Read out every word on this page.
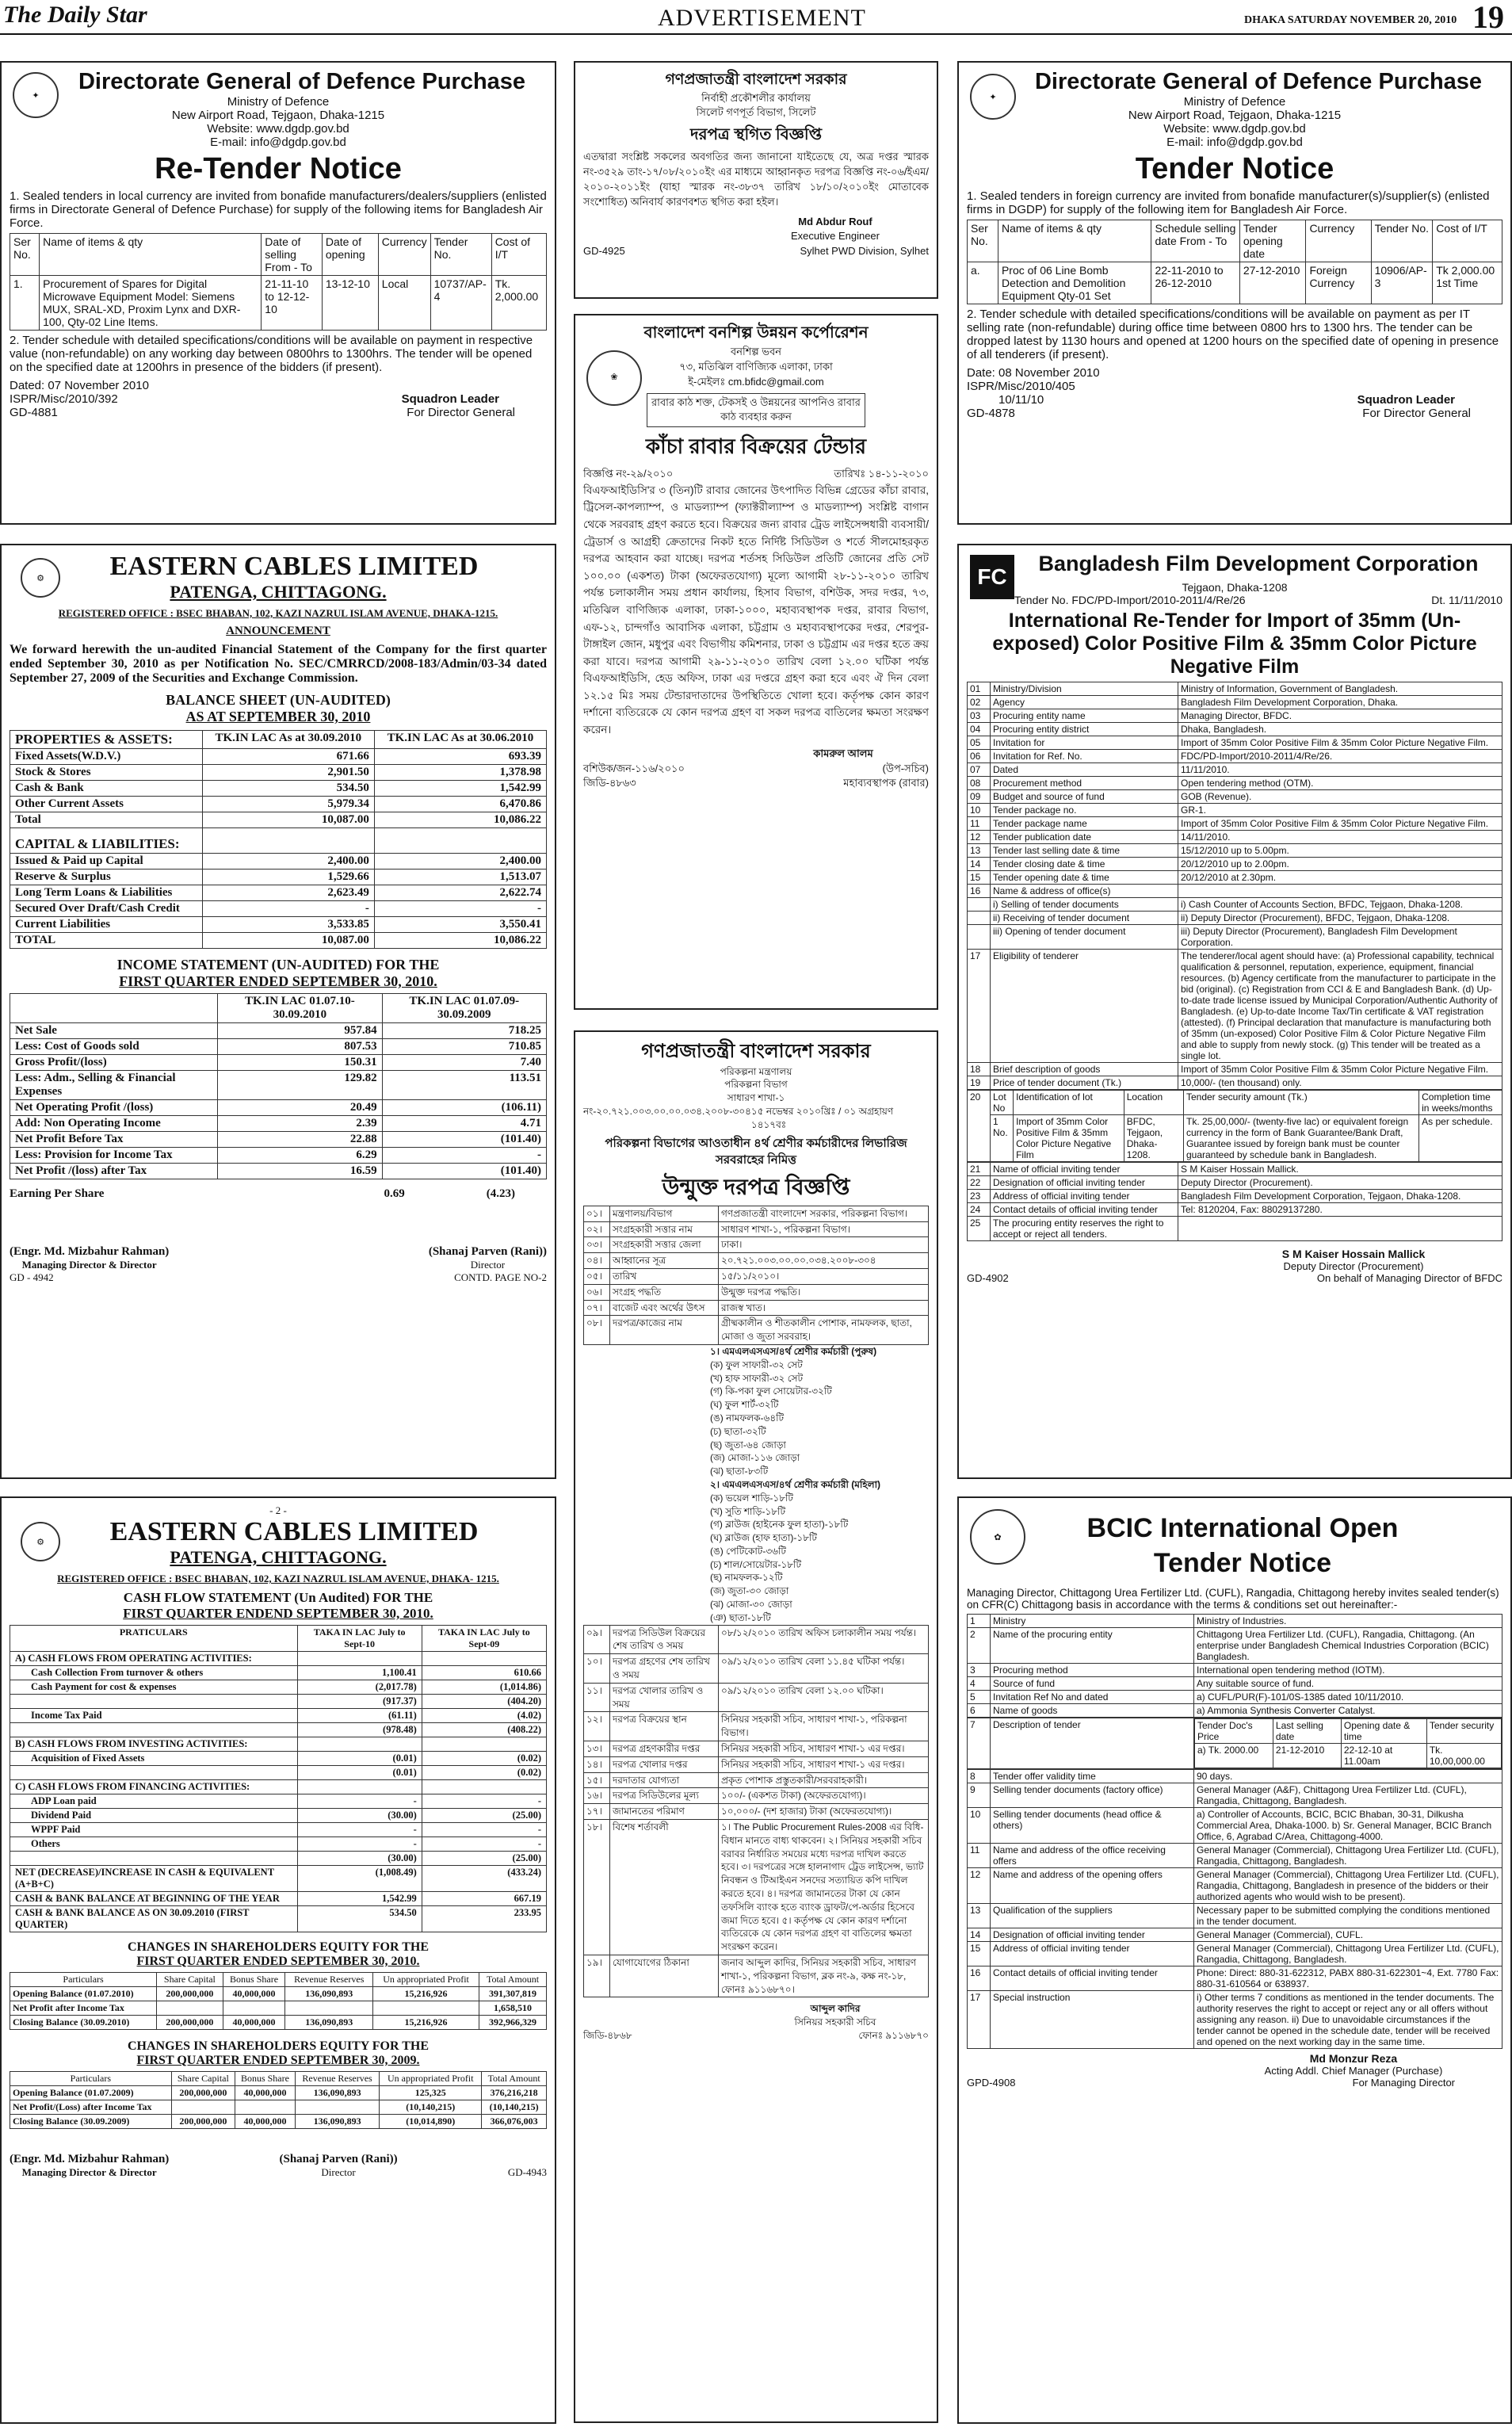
The Daily Star	ADVERTISEMENT	DHAKA SATURDAY NOVEMBER 20, 2010 19
✦
Directorate General of Defence Purchase
Ministry of Defence
New Airport Road, Tejgaon, Dhaka-1215
Website: www.dgdp.gov.bd
E-mail: info@dgdp.gov.bd
Re-Tender Notice
1. Sealed tenders in local currency are invited from bonafide manufacturers/dealers/suppliers (enlisted firms in Directorate General of Defence Purchase) for supply of the following items for Bangladesh Air Force.
Ser No.	Name of items & qty	Date of selling From - To	Date of opening	Currency	Tender No.	Cost of I/T
1.	Procurement of Spares for Digital Microwave Equipment Model: Siemens MUX, SRAL-XD, Proxim Lynx and DXR-100, Qty-02 Line Items.	21-11-10 to 12-12-10	13-12-10	Local	10737/AP-4	Tk. 2,000.00
2. Tender schedule with detailed specifications/conditions will be available on payment in respective value (non-refundable) on any working day between 0800hrs to 1300hrs. The tender will be opened on the specified date at 1200hrs in presence of the bidders (if present).
Dated: 07 November 2010
ISPR/Misc/2010/392	Squadron Leader
GD-4881	For Director General
গণপ্রজাতন্ত্রী বাংলাদেশ সরকার
নির্বাহী প্রকৌশলীর কার্যালয়
সিলেট গণপূর্ত বিভাগ, সিলেট
দরপত্র স্থগিত বিজ্ঞপ্তি
এতদ্বারা সংশ্লিষ্ট সকলের অবগতির জন্য জানানো যাইতেছে যে, অত্র দপ্তর স্মারক নং-৩৫২৯ তাং-১৭/০৮/২০১০ইং এর মাধ্যমে আহ্বানকৃত দরপত্র বিজ্ঞপ্তি নং-০৬/ইএম/২০১০-২০১১ইং (যাহা স্মারক নং-৩৮৩৭ তারিখ ১৮/১০/২০১০ইং মোতাবেক সংশোধিত) অনিবার্য কারণবশত স্থগিত করা হইল।
Md Abdur Rouf
Executive Engineer
GD-4925	Sylhet PWD Division, Sylhet
বাংলাদেশ বনশিল্প উন্নয়ন কর্পোরেশন
❀
বনশিল্প ভবন
৭৩, মতিঝিল বাণিজ্যিক এলাকা, ঢাকা
ই-মেইলঃ cm.bfidc@gmail.com
রাবার কাঠ শক্ত, টেকসই ও উন্নয়নের আপনিও রাবার কাঠ ব্যবহার করুন
কাঁচা রাবার বিক্রয়ের টেন্ডার
বিজ্ঞপ্তি নং-২৯/২০১০	তারিখঃ ১৪-১১-২০১০
বিএফআইডিসি'র ৩ (তিন)টি রাবার জোনের উৎপাদিত বিভিন্ন গ্রেডের কাঁচা রাবার, ট্রিসেল-কাপল্যাম্প, ও মাডল্যাম্প (ফ্যাক্টরীল্যাম্প ও মাডল্যাম্প) সংশ্লিষ্ট বাগান থেকে সরবরাহ গ্রহণ করতে হবে। বিক্রয়ের জন্য রাবার ট্রেড লাইসেন্সধারী ব্যবসায়ী/ট্রেডার্স ও আগ্রহী ক্রেতাদের নিকট হতে নির্দিষ্ট সিডিউল ও শর্তে সীলমোহরকৃত দরপত্র আহবান করা যাচ্ছে। দরপত্র শর্তসহ সিডিউল প্রতিটি জোনের প্রতি সেট ১০০.০০ (একশত) টাকা (অফেরতযোগ্য) মূল্যে আগামী ২৮-১১-২০১০ তারিখ পর্যন্ত চলাকালীন সময় প্রধান কার্যালয়, হিসাব বিভাগ, বশিউক, সদর দপ্তর, ৭৩, মতিঝিল বাণিজ্যিক এলাকা, ঢাকা-১০০০, মহাব্যবস্থাপক দপ্তর, রাবার বিভাগ, এফ-১২, চান্দগাঁও আবাসিক এলাকা, চট্টগ্রাম ও মহাব্যবস্থাপকের দপ্তর, শেরপুর-টাঙ্গাইল জোন, মধুপুর এবং বিভাগীয় কমিশনার, ঢাকা ও চট্টগ্রাম এর দপ্তর হতে ক্রয় করা যাবে। দরপত্র আগামী ২৯-১১-২০১০ তারিখ বেলা ১২.০০ ঘটিকা পর্যন্ত বিএফআইডিসি, হেড অফিস, ঢাকা এর দপ্তরে গ্রহণ করা হবে এবং ঐ দিন বেলা ১২.১৫ মিঃ সময় টেন্ডারদাতাদের উপস্থিতিতে খোলা হবে। কর্তৃপক্ষ কোন কারণ দর্শানো ব্যতিরেকে যে কোন দরপত্র গ্রহণ বা সকল দরপত্র বাতিলের ক্ষমতা সংরক্ষণ করেন।
কামরুল আলম
বশিউক/জন-১১৬/২০১০	(উপ-সচিব)
জিডি-৪৮৬৩	মহাব্যবস্থাপক (রাবার)
গণপ্রজাতন্ত্রী বাংলাদেশ সরকার
পরিকল্পনা মন্ত্রণালয়
পরিকল্পনা বিভাগ
সাধারণ শাখা-১
নং-২০.৭২১.০০৩.০০.০০.০৩৪.২০০৮-৩০৪ ১৫ নভেম্বর ২০১০খ্রিঃ / ০১ অগ্রহায়ণ ১৪১৭বঃ
পরিকল্পনা বিভাগের আওতাধীন ৪র্থ শ্রেণীর কর্মচারীদের লিভারিজ সরবরাহের নিমিত্ত
উন্মুক্ত দরপত্র বিজ্ঞপ্তি
০১।	মন্ত্রণালয়/বিভাগ	গণপ্রজাতন্ত্রী বাংলাদেশ সরকার, পরিকল্পনা বিভাগ।
০২।	সংগ্রহকারী সত্তার নাম	সাধারণ শাখা-১, পরিকল্পনা বিভাগ।
০৩।	সংগ্রহকারী সত্তার জেলা	ঢাকা।
০৪।	আহ্বানের সূত্র	২০.৭২১.০০৩.০০.০০.০৩৪.২০০৮-৩০৪
০৫।	তারিখ	১৫/১১/২০১০।
০৬।	সংগ্রহ পদ্ধতি	উন্মুক্ত দরপত্র পদ্ধতি।
০৭।	বাজেট এবং অর্থের উৎস	রাজস্ব খাত।
০৮।	দরপত্র/কাজের নাম	গ্রীষ্মকালীন ও শীতকালীন পোশাক, নামফলক, ছাতা, মোজা ও জুতা সরবরাহ।
১। এমএলএসএস/৪র্থ শ্রেণীর কর্মচারী (পুরুষ)
(ক) ফুল সাফারী-৩২ সেট
(খ) হাফ সাফারী-৩২ সেট
(গ) কি-পকা ফুল সোয়েটার-৩২টি
(ঘ) ফুল শার্ট-৩২টি
(ঙ) নামফলক-৬৪টি
(চ) ছাতা-৩২টি
(ছ) জুতা-৬৪ জোড়া
(জ) মোজা-১১৬ জোড়া
(ঝ) ছাতা-৮৩টি
২। এমএলএসএস/৪র্থ শ্রেণীর কর্মচারী (মহিলা)
(ক) ভয়েল শাড়ি-১৮টি
(খ) সুতি শাড়ি-১৮টি
(গ) ব্লাউজ (হাইনেক ফুল হাতা)-১৮টি
(ঘ) ব্লাউজ (হাফ হাতা)-১৮টি
(ঙ) পেটিকোট-৩৬টি
(চ) শাল/সোয়েটার-১৮টি
(ছ) নামফলক-১২টি
(জ) জুতা-৩০ জোড়া
(ঝ) মোজা-৩০ জোড়া
(ঞ) ছাতা-১৮টি
০৯।	দরপত্র সিডিউল বিক্রয়ের শেষ তারিখ ও সময়	০৮/১২/২০১০ তারিখ অফিস চলাকালীন সময় পর্যন্ত।
১০।	দরপত্র গ্রহণের শেষ তারিখ ও সময়	০৯/১২/২০১০ তারিখ বেলা ১১.৪৫ ঘটিকা পর্যন্ত।
১১।	দরপত্র খোলার তারিখ ও সময়	০৯/১২/২০১০ তারিখ বেলা ১২.০০ ঘটিকা।
১২।	দরপত্র বিক্রয়ের স্থান	সিনিয়র সহকারী সচিব, সাধারণ শাখা-১, পরিকল্পনা বিভাগ।
১৩।	দরপত্র গ্রহণকারীর দপ্তর	সিনিয়র সহকারী সচিব, সাধারণ শাখা-১ এর দপ্তর।
১৪।	দরপত্র খোলার দপ্তর	সিনিয়র সহকারী সচিব, সাধারণ শাখা-১ এর দপ্তর।
১৫।	দরদাতার যোগ্যতা	প্রকৃত পোশাক প্রস্তুতকারী/সরবরাহকারী।
১৬।	দরপত্র সিডিউলের মূল্য	১০০/- (একশত টাকা) (অফেরতযোগ্য)।
১৭।	জামানতের পরিমাণ	১০,০০০/- (দশ হাজার) টাকা (অফেরতযোগ্য)।
১৮।	বিশেষ শর্তাবলী	১। The Public Procurement Rules-2008 এর বিধি-বিধান মানতে বাধ্য থাকবেন। ২। সিনিয়র সহকারী সচিব বরাবর নির্ধারিত সময়ের মধ্যে দরপত্র দাখিল করতে হবে। ৩। দরপত্রের সঙ্গে হালনাগাদ ট্রেড লাইসেন্স, ভ্যাট নিবন্ধন ও টিআইএন সনদের সত্যায়িত কপি দাখিল করতে হবে। ৪। দরপত্র জামানতের টাকা যে কোন তফসিলি ব্যাংক হতে ব্যাংক ড্রাফট/পে-অর্ডার হিসেবে জমা দিতে হবে। ৫। কর্তৃপক্ষ যে কোন কারণ দর্শানো ব্যতিরেকে যে কোন দরপত্র গ্রহণ বা বাতিলের ক্ষমতা সংরক্ষণ করেন।
১৯।	যোগাযোগের ঠিকানা	জনাব আব্দুল কাদির, সিনিয়র সহকারী সচিব, সাধারণ শাখা-১, পরিকল্পনা বিভাগ, ব্লক নং-৯, কক্ষ নং-১৮, ফোনঃ ৯১১৬৮৭০।
আব্দুল কাদির
সিনিয়র সহকারী সচিব
জিডি-৪৮৬৮	ফোনঃ ৯১১৬৮৭০
✦
Directorate General of Defence Purchase
Ministry of Defence
New Airport Road, Tejgaon, Dhaka-1215
Website: www.dgdp.gov.bd
E-mail: info@dgdp.gov.bd
Tender Notice
1. Sealed tenders in foreign currency are invited from bonafide manufacturer(s)/supplier(s) (enlisted firms in DGDP) for supply of the following item for Bangladesh Air Force.
Ser No.	Name of items & qty	Schedule selling date From - To	Tender opening date	Currency	Tender No.	Cost of I/T
a.	Proc of 06 Line Bomb Detection and Demolition Equipment Qty-01 Set	22-11-2010 to 26-12-2010	27-12-2010	Foreign Currency	10906/AP-3	Tk 2,000.00 1st Time
2. Tender schedule with detailed specifications/conditions will be available on payment as per IT selling rate (non-refundable) during office time between 0800 hrs to 1300 hrs. The tender can be dropped latest by 1130 hours and opened at 1200 hours on the specified date of opening in presence of all tenderers (if present).
Date: 08 November 2010
ISPR/Misc/2010/405
10/11/10	Squadron Leader
GD-4878	For Director General
FC
Bangladesh Film Development Corporation
Tejgaon, Dhaka-1208
Tender No. FDC/PD-Import/2010-2011/4/Re/26	Dt. 11/11/2010
International Re-Tender for Import of 35mm (Un-exposed) Color Positive Film & 35mm Color Picture Negative Film
01	Ministry/Division	Ministry of Information, Government of Bangladesh.
02	Agency	Bangladesh Film Development Corporation, Dhaka.
03	Procuring entity name	Managing Director, BFDC.
04	Procuring entity district	Dhaka, Bangladesh.
05	Invitation for	Import of 35mm Color Positive Film & 35mm Color Picture Negative Film.
06	Invitation for Ref. No.	FDC/PD-Import/2010-2011/4/Re/26.
07	Dated	11/11/2010.
08	Procurement method	Open tendering method (OTM).
09	Budget and source of fund	GOB (Revenue).
10	Tender package no.	GR-1.
11	Tender package name	Import of 35mm Color Positive Film & 35mm Color Picture Negative Film.
12	Tender publication date	14/11/2010.
13	Tender last selling date & time	15/12/2010 up to 5.00pm.
14	Tender closing date & time	20/12/2010 up to 2.00pm.
15	Tender opening date & time	20/12/2010 at 2.30pm.
16	Name & address of office(s)	
	i) Selling of tender documents	i) Cash Counter of Accounts Section, BFDC, Tejgaon, Dhaka-1208.
	ii) Receiving of tender document	ii) Deputy Director (Procurement), BFDC, Tejgaon, Dhaka-1208.
	iii) Opening of tender document	iii) Deputy Director (Procurement), Bangladesh Film Development Corporation.
17	Eligibility of tenderer	The tenderer/local agent should have: (a) Professional capability, technical qualification & personnel, reputation, experience, equipment, financial resources. (b) Agency certificate from the manufacturer to participate in the bid (original). (c) Registration from CCI & E and Bangladesh Bank. (d) Up-to-date trade license issued by Municipal Corporation/Authentic Authority of Bangladesh. (e) Up-to-date Income Tax/Tin certificate & VAT registration (attested). (f) Principal declaration that manufacture is manufacturing both of 35mm (un-exposed) Color Positive Film & Color Picture Negative Film and able to supply from newly stock. (g) This tender will be treated as a single lot.
18	Brief description of goods	Import of 35mm Color Positive Film & 35mm Color Picture Negative Film.
19	Price of tender document (Tk.)	10,000/- (ten thousand) only.
20	Lot No	Identification of lot	Location	Tender security amount (Tk.)	Completion time in weeks/months
	1 No.	Import of 35mm Color Positive Film & 35mm Color Picture Negative Film	BFDC, Tejgaon, Dhaka-1208.	Tk. 25,00,000/- (twenty-five lac) or equivalent foreign currency in the form of Bank Guarantee/Bank Draft, Guarantee issued by foreign bank must be counter guaranteed by schedule bank in Bangladesh.	As per schedule.
21	Name of official inviting tender	S M Kaiser Hossain Mallick.
22	Designation of official inviting tender	Deputy Director (Procurement).
23	Address of official inviting tender	Bangladesh Film Development Corporation, Tejgaon, Dhaka-1208.
24	Contact details of official inviting tender	Tel: 8120204, Fax: 88029137280.
25	The procuring entity reserves the right to accept or reject all tenders.	
S M Kaiser Hossain Mallick
Deputy Director (Procurement)
GD-4902	On behalf of Managing Director of BFDC
✿	BCIC International Open Tender Notice
Managing Director, Chittagong Urea Fertilizer Ltd. (CUFL), Rangadia, Chittagong hereby invites sealed tender(s) on CFR(C) Chittagong basis in accordance with the terms & conditions set out hereinafter:-
1	Ministry	Ministry of Industries.
2	Name of the procuring entity	Chittagong Urea Fertilizer Ltd. (CUFL), Rangadia, Chittagong. (An enterprise under Bangladesh Chemical Industries Corporation (BCIC) Bangladesh.
3	Procuring method	International open tendering method (IOTM).
4	Source of fund	Any suitable source of fund.
5	Invitation Ref No and dated	a) CUFL/PUR(F)-101/0S-1385 dated 10/11/2010.
6	Name of goods	a) Ammonia Synthesis Converter Catalyst.
7	Description of tender		Tender Doc's Price	Last selling date	Opening date & time	Tender security
a) Tk. 2000.00	21-12-2010	22-12-10 at 11.00am	Tk. 10,00,000.00
8	Tender offer validity time	90 days.
9	Selling tender documents (factory office)	General Manager (A&F), Chittagong Urea Fertilizer Ltd. (CUFL), Rangadia, Chittagong, Bangladesh.
10	Selling tender documents (head office & others)	a) Controller of Accounts, BCIC, BCIC Bhaban, 30-31, Dilkusha Commercial Area, Dhaka-1000. b) Sr. General Manager, BCIC Branch Office, 6, Agrabad C/Area, Chittagong-4000.
11	Name and address of the office receiving offers	General Manager (Commercial), Chittagong Urea Fertilizer Ltd. (CUFL), Rangadia, Chittagong, Bangladesh.
12	Name and address of the opening offers	General Manager (Commercial), Chittagong Urea Fertilizer Ltd. (CUFL), Rangadia, Chittagong, Bangladesh in presence of the bidders or their authorized agents who would wish to be present).
13	Qualification of the suppliers	Necessary paper to be submitted complying the conditions mentioned in the tender document.
14	Designation of official inviting tender	General Manager (Commercial), CUFL.
15	Address of official inviting tender	General Manager (Commercial), Chittagong Urea Fertilizer Ltd. (CUFL), Rangadia, Chittagong, Bangladesh.
16	Contact details of official inviting tender	Phone: Direct: 880-31-622312, PABX 880-31-622301~4, Ext. 7780 Fax: 880-31-610564 or 638937.
17	Special instruction	i) Other terms 7 conditions as mentioned in the tender documents. The authority reserves the right to accept or reject any or all offers without assigning any reason. ii) Due to unavoidable circumstances if the tender cannot be opened in the schedule date, tender will be received and opened on the next working day in the same time.
Md Monzur Reza
Acting Addl. Chief Manager (Purchase)
GPD-4908	For Managing Director
⚙	EASTERN CABLES LIMITED
PATENGA, CHITTAGONG.
REGISTERED OFFICE : BSEC BHABAN, 102, KAZI NAZRUL ISLAM AVENUE, DHAKA-1215.
ANNOUNCEMENT
We forward herewith the un-audited Financial Statement of the Company for the first quarter ended September 30, 2010 as per Notification No. SEC/CMRRCD/2008-183/Admin/03-34 dated September 27, 2009 of the Securities and Exchange Commission.
BALANCE SHEET (UN-AUDITED)
AS AT SEPTEMBER 30, 2010
PROPERTIES & ASSETS:	TK.IN LAC As at 30.09.2010	TK.IN LAC As at 30.06.2010
Fixed Assets(W.D.V.)	671.66	693.39
Stock & Stores	2,901.50	1,378.98
Cash & Bank	534.50	1,542.99
Other Current Assets	5,979.34	6,470.86
Total	10,087.00	10,086.22
CAPITAL & LIABILITIES:		
Issued & Paid up Capital	2,400.00	2,400.00
Reserve & Surplus	1,529.66	1,513.07
Long Term Loans & Liabilities	2,623.49	2,622.74
Secured Over Draft/Cash Credit	-	-
Current Liabilities	3,533.85	3,550.41
TOTAL	10,087.00	10,086.22
INCOME STATEMENT (UN-AUDITED) FOR THE
FIRST QUARTER ENDED SEPTEMBER 30, 2010.
	TK.IN LAC 01.07.10-30.09.2010	TK.IN LAC 01.07.09-30.09.2009
Net Sale	957.84	718.25
Less: Cost of Goods sold	807.53	710.85
Gross Profit/(loss)	150.31	7.40
Less: Adm., Selling & Financial Expenses	129.82	113.51
Net Operating Profit /(loss)	20.49	(106.11)
Add: Non Operating Income	2.39	4.71
Net Profit Before Tax	22.88	(101.40)
Less: Provision for Income Tax	6.29	-
Net Profit /(loss) after Tax	16.59	(101.40)
Earning Per Share	0.69	(4.23)
(Engr. Md. Mizbahur Rahman)
Managing Director & Director
(Shanaj Parven (Rani))
Director
GD - 4942	CONTD. PAGE NO-2
- 2 -
⚙	EASTERN CABLES LIMITED
PATENGA, CHITTAGONG.
REGISTERED OFFICE : BSEC BHABAN, 102, KAZI NAZRUL ISLAM AVENUE, DHAKA- 1215.
CASH FLOW STATEMENT (Un Audited) FOR THE
FIRST QUARTER ENDEND SEPTEMBER 30, 2010.
PRATICULARS	TAKA IN LAC July to Sept-10	TAKA IN LAC July to Sept-09
A) CASH FLOWS FROM OPERATING ACTIVITIES:		
Cash Collection From turnover & others	1,100.41	610.66
Cash Payment for cost & expenses	(2,017.78)	(1,014.86)
	(917.37)	(404.20)
Income Tax Paid	(61.11)	(4.02)
	(978.48)	(408.22)
B) CASH FLOWS FROM INVESTING ACTIVITIES:		
Acquisition of Fixed Assets	(0.01)	(0.02)
	(0.01)	(0.02)
C) CASH FLOWS FROM FINANCING ACTIVITIES:		
ADP Loan paid	-	-
Dividend Paid	(30.00)	(25.00)
WPPF Paid	-	-
Others	-	-
	(30.00)	(25.00)
NET (DECREASE)/INCREASE IN CASH & EQUIVALENT (A+B+C)	(1,008.49)	(433.24)
CASH & BANK BALANCE AT BEGINNING OF THE YEAR	1,542.99	667.19
CASH & BANK BALANCE AS ON 30.09.2010 (FIRST QUARTER)	534.50	233.95
CHANGES IN SHAREHOLDERS EQUITY FOR THE
FIRST QUARTER ENDED SEPTEMBER 30, 2010.
Particulars	Share Capital	Bonus Share	Revenue Reserves	Un appropriated Profit	Total Amount
Opening Balance (01.07.2010)	200,000,000	40,000,000	136,090,893	15,216,926	391,307,819
Net Profit after Income Tax					1,658,510
Closing Balance (30.09.2010)	200,000,000	40,000,000	136,090,893	15,216,926	392,966,329
CHANGES IN SHAREHOLDERS EQUITY FOR THE
FIRST QUARTER ENDED SEPTEMBER 30, 2009.
Particulars	Share Capital	Bonus Share	Revenue Reserves	Un appropriated Profit	Total Amount
Opening Balance (01.07.2009)	200,000,000	40,000,000	136,090,893	125,325	376,216,218
Net Profit/(Loss) after Income Tax				(10,140,215)	(10,140,215)
Closing Balance (30.09.2009)	200,000,000	40,000,000	136,090,893	(10,014,890)	366,076,003
(Engr. Md. Mizbahur Rahman)
Managing Director & Director
(Shanaj Parven (Rani))
Director	GD-4943
